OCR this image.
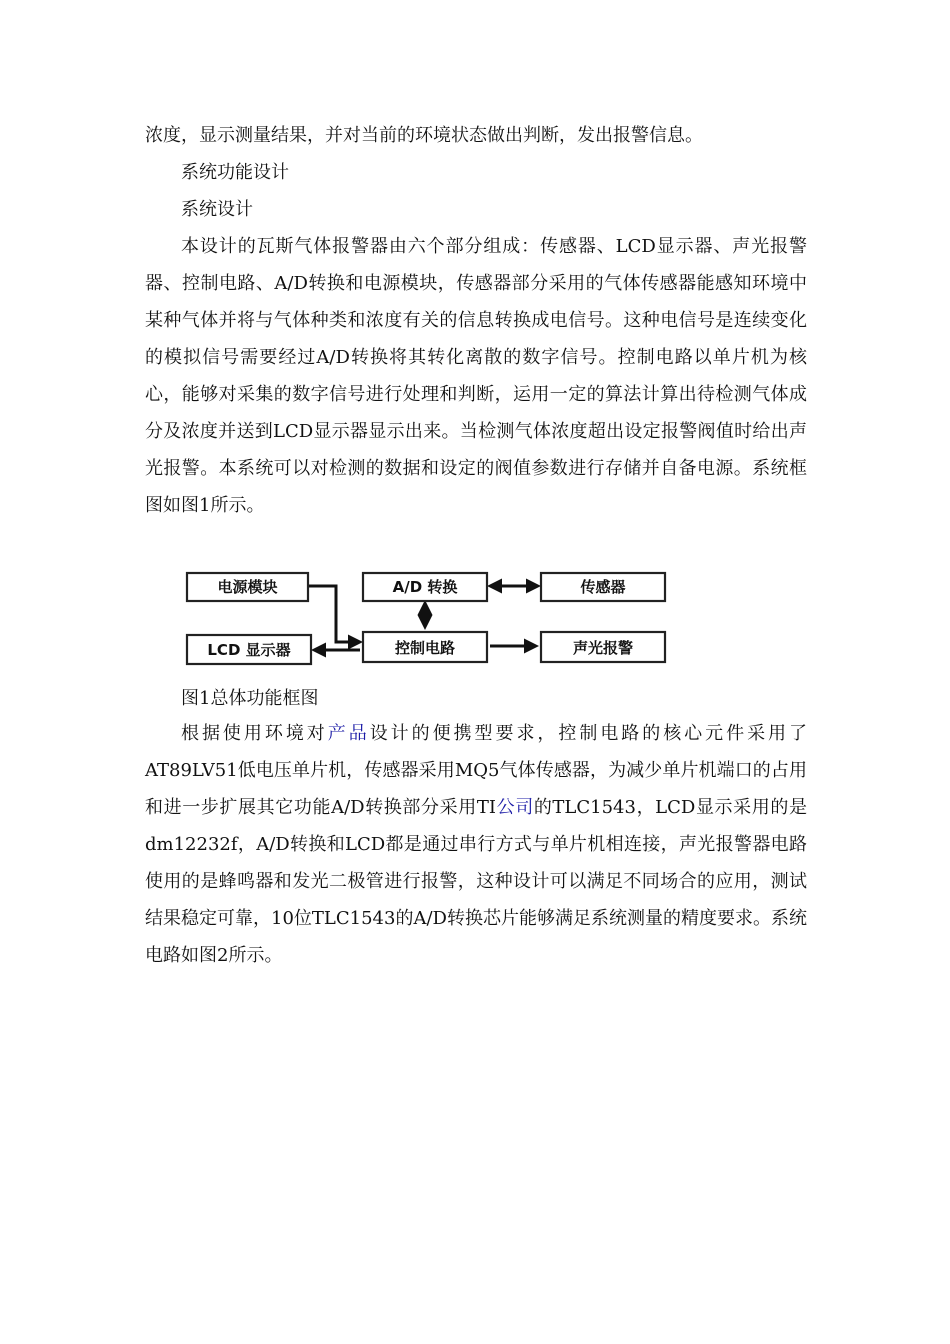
浓度，显示测量结果，并对当前的环境状态做出判断，发出报警信息。

系统功能设计

系统设计

本设计的瓦斯气体报警器由六个部分组成：传感器、LCD显示器、声光报警器、控制电路、A/D转换和电源模块，传感器部分采用的气体传感器能感知环境中某种气体并将与气体种类和浓度有关的信息转换成电信号。这种电信号是连续变化的模拟信号需要经过A/D转换将其转化离散的数字信号。控制电路以单片机为核心，能够对采集的数字信号进行处理和判断，运用一定的算法计算出待检测气体成分及浓度并送到LCD显示器显示出来。当检测气体浓度超出设定报警阀值时给出声光报警。本系统可以对检测的数据和设定的阀值参数进行存储并自备电源。系统框图如图1所示。

电源模块	A/D 转换	传感器
LCD 显示器	控制电路	声光报警
图1总体功能框图

根据使用环境对产品设计的便携型要求，控制电路的核心元件采用了AT89LV51低电压单片机，传感器采用MQ5气体传感器，为减少单片机端口的占用和进一步扩展其它功能A/D转换部分采用TI公司的TLC1543，LCD显示采用的是dm12232f，A/D转换和LCD都是通过串行方式与单片机相连接，声光报警器电路使用的是蜂鸣器和发光二极管进行报警，这种设计可以满足不同场合的应用，测试结果稳定可靠，10位TLC1543的A/D转换芯片能够满足系统测量的精度要求。系统电路如图2所示。
